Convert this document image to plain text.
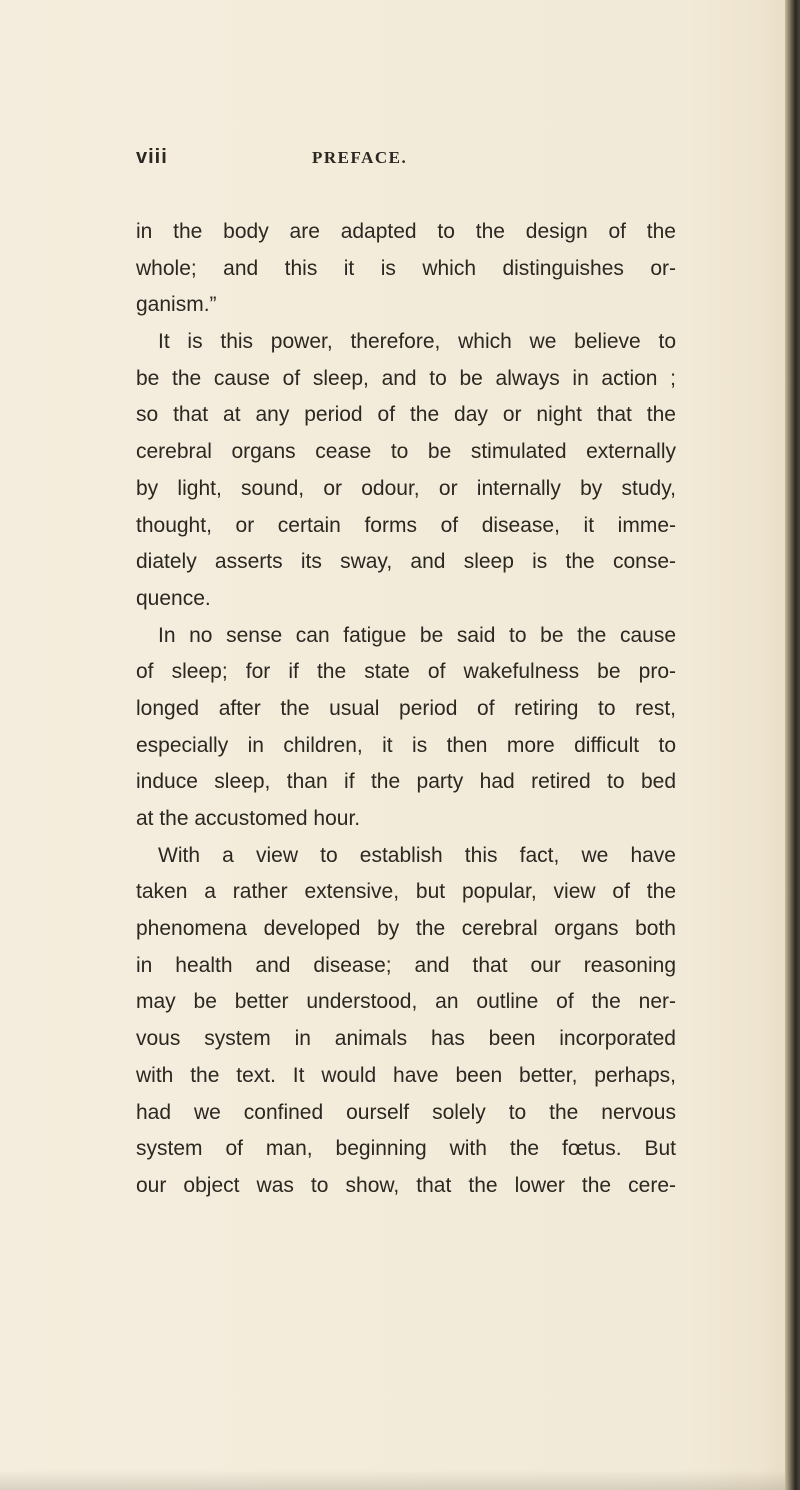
viii	PREFACE.
in the body are adapted to the design of the
whole; and this it is which distinguishes or-
ganism.”
It is this power, therefore, which we believe to
be the cause of sleep, and to be always in action ;
so that at any period of the day or night that the
cerebral organs cease to be stimulated externally
by light, sound, or odour, or internally by study,
thought, or certain forms of disease, it imme-
diately asserts its sway, and sleep is the conse-
quence.
In no sense can fatigue be said to be the cause
of sleep; for if the state of wakefulness be pro-
longed after the usual period of retiring to rest,
especially in children, it is then more difficult to
induce sleep, than if the party had retired to bed
at the accustomed hour.
With a view to establish this fact, we have
taken a rather extensive, but popular, view of the
phenomena developed by the cerebral organs both
in health and disease; and that our reasoning
may be better understood, an outline of the ner-
vous system in animals has been incorporated
with the text. It would have been better, perhaps,
had we confined ourself solely to the nervous
system of man, beginning with the fœtus. But
our object was to show, that the lower the cere-
